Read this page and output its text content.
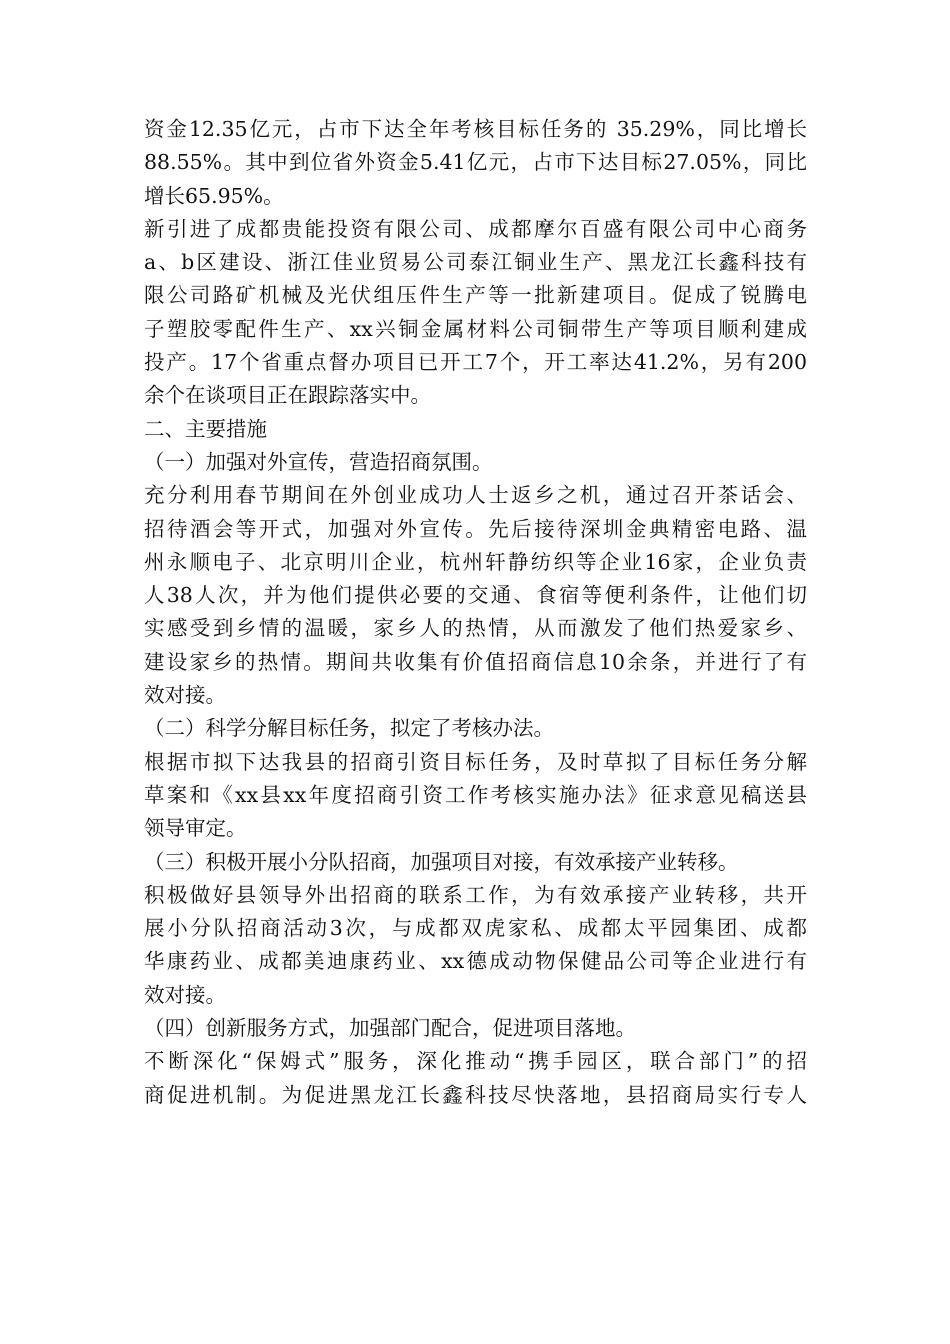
资金12.35亿元，占市下达全年考核目标任务的 35.29%，同比增长
88.55%。其中到位省外资金5.41亿元，占市下达目标27.05%，同比
增长65.95%。
新引进了成都贵能投资有限公司、成都摩尔百盛有限公司中心商务
a、b区建设、浙江佳业贸易公司泰江铜业生产、黑龙江长鑫科技有
限公司路矿机械及光伏组压件生产等一批新建项目。促成了锐腾电
子塑胶零配件生产、xx兴铜金属材料公司铜带生产等项目顺利建成
投产。17个省重点督办项目已开工7个，开工率达41.2%，另有200
余个在谈项目正在跟踪落实中。
二、主要措施
（一）加强对外宣传，营造招商氛围。
充分利用春节期间在外创业成功人士返乡之机，通过召开茶话会、
招待酒会等开式，加强对外宣传。先后接待深圳金典精密电路、温
州永顺电子、北京明川企业，杭州轩静纺织等企业16家，企业负责
人38人次，并为他们提供必要的交通、食宿等便利条件，让他们切
实感受到乡情的温暖，家乡人的热情，从而激发了他们热爱家乡、
建设家乡的热情。期间共收集有价值招商信息10余条，并进行了有
效对接。
（二）科学分解目标任务，拟定了考核办法。
根据市拟下达我县的招商引资目标任务，及时草拟了目标任务分解
草案和《xx县xx年度招商引资工作考核实施办法》征求意见稿送县
领导审定。
（三）积极开展小分队招商，加强项目对接，有效承接产业转移。
积极做好县领导外出招商的联系工作，为有效承接产业转移，共开
展小分队招商活动3次，与成都双虎家私、成都太平园集团、成都
华康药业、成都美迪康药业、xx德成动物保健品公司等企业进行有
效对接。
（四）创新服务方式，加强部门配合，促进项目落地。
不断深化“保姆式”服务，深化推动“携手园区，联合部门”的招
商促进机制。为促进黑龙江长鑫科技尽快落地，县招商局实行专人
